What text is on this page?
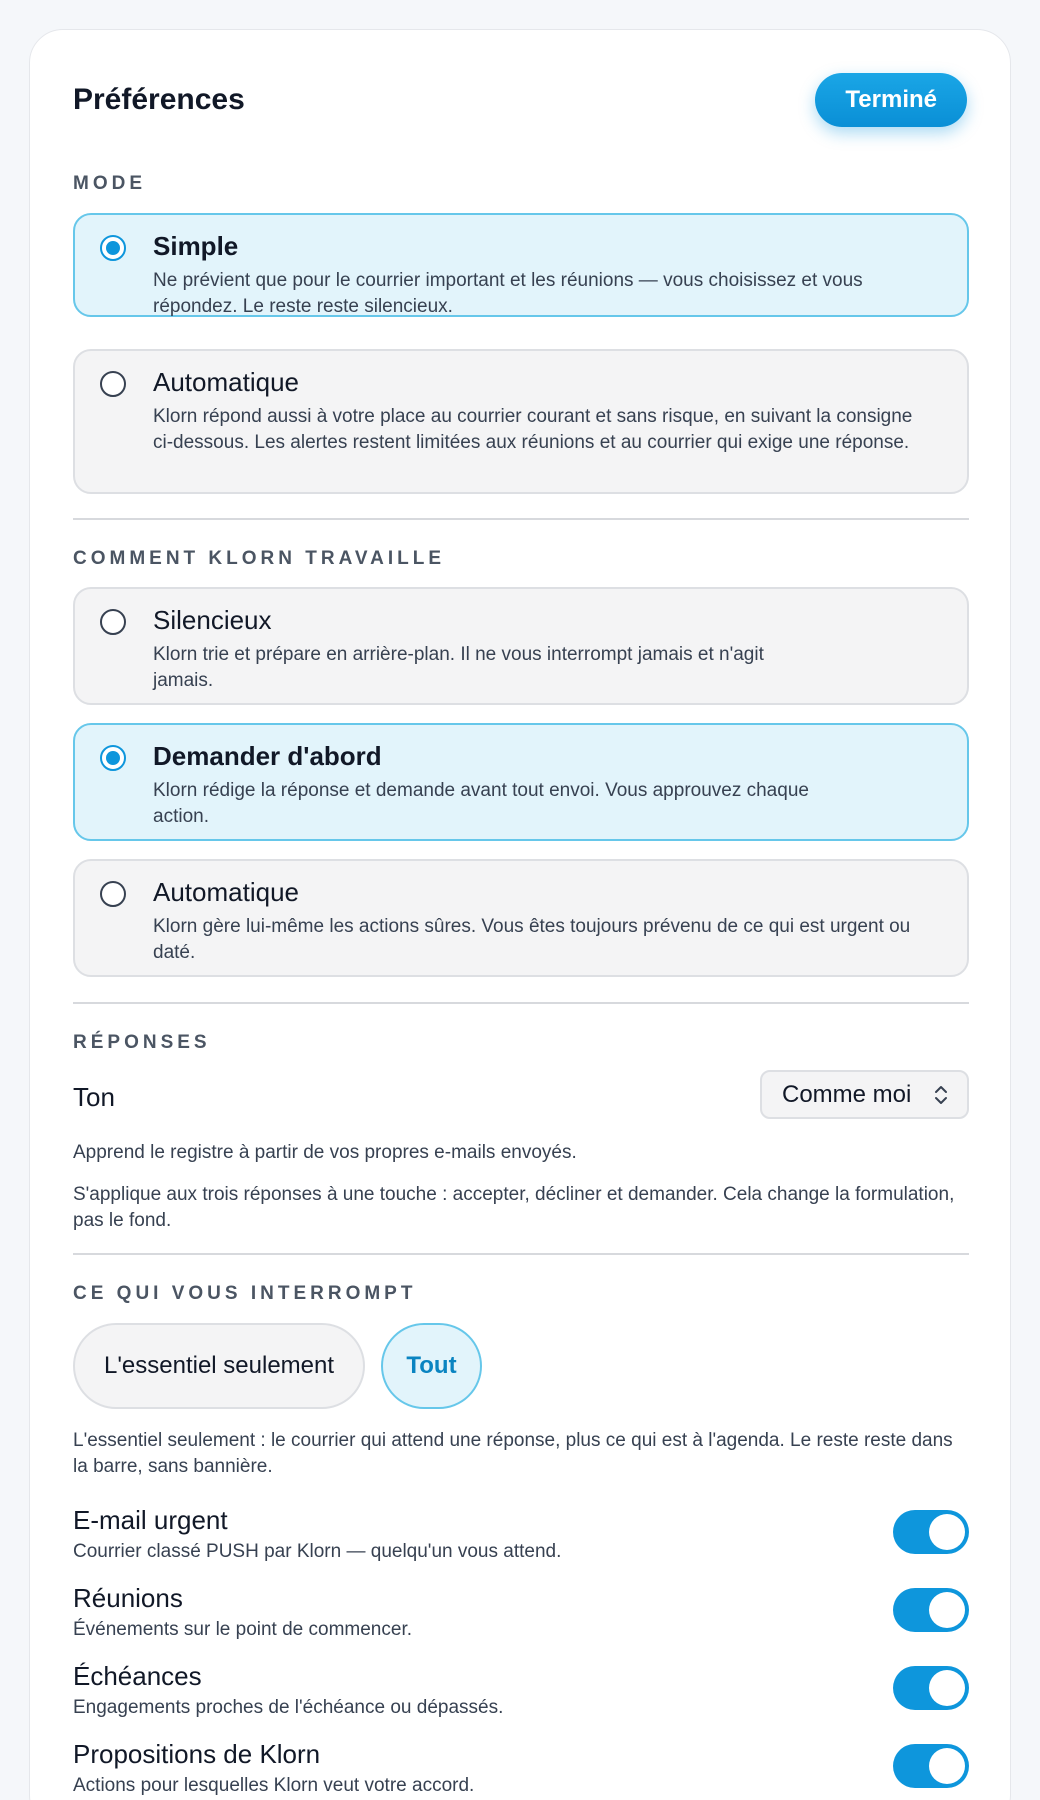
Préférences	Terminé
MODE
Simple
Ne prévient que pour le courrier important et les réunions — vous choisissez et vous répondez. Le reste reste silencieux.
Automatique
Klorn répond aussi à votre place au courrier courant et sans risque, en suivant la consigne ci-dessous. Les alertes restent limitées aux réunions et au courrier qui exige une réponse.
COMMENT KLORN TRAVAILLE
Silencieux
Klorn trie et prépare en arrière-plan. Il ne vous interrompt jamais et n'agit jamais.
Demander d'abord
Klorn rédige la réponse et demande avant tout envoi. Vous approuvez chaque action.
Automatique
Klorn gère lui-même les actions sûres. Vous êtes toujours prévenu de ce qui est urgent ou daté.
RÉPONSES
Ton	Comme moi
Apprend le registre à partir de vos propres e-mails envoyés.
S'applique aux trois réponses à une touche : accepter, décliner et demander. Cela change la formulation, pas le fond.
CE QUI VOUS INTERROMPT
L'essentiel seulement	Tout
L'essentiel seulement : le courrier qui attend une réponse, plus ce qui est à l'agenda. Le reste reste dans la barre, sans bannière.
E-mail urgent
Courrier classé PUSH par Klorn — quelqu'un vous attend.
Réunions
Événements sur le point de commencer.
Échéances
Engagements proches de l'échéance ou dépassés.
Propositions de Klorn
Actions pour lesquelles Klorn veut votre accord.
